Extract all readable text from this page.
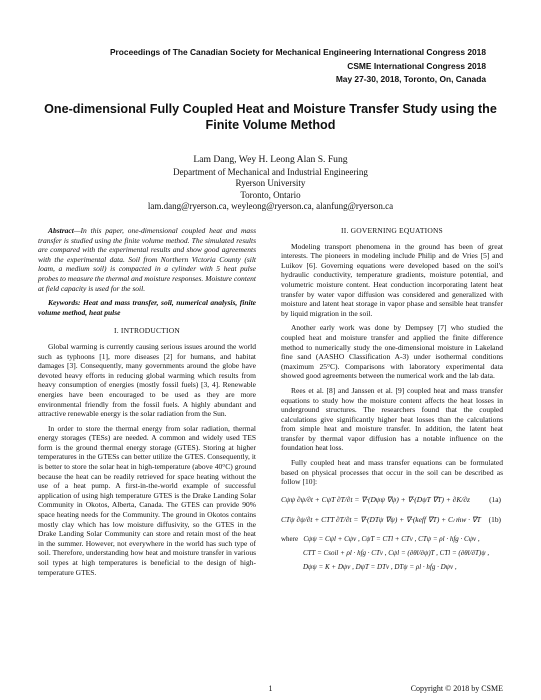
Proceedings of The Canadian Society for Mechanical Engineering International Congress 2018
CSME International Congress 2018
May 27-30, 2018, Toronto, On, Canada
One-dimensional Fully Coupled Heat and Moisture Transfer Study using the Finite Volume Method
Lam Dang, Wey H. Leong Alan S. Fung
Department of Mechanical and Industrial Engineering
Ryerson University
Toronto, Ontario
lam.dang@ryerson.ca, weyleong@ryerson.ca, alanfung@ryerson.ca

Abstract—In this paper, one-dimensional coupled heat and mass transfer is studied using the finite volume method. The simulated results are compared with the experimental results and show good agreements with the experimental data. Soil from Northern Victoria County (silt loam, a medium soil) is compacted in a cylinder with 5 heat pulse probes to measure the thermal and moisture responses. Moisture content at field capacity is used for the soil.

Keywords: Heat and mass transfer, soil, numerical analysis, finite volume method, heat pulse

I. INTRODUCTION

Global warming is currently causing serious issues around the world such as typhoons [1], more diseases [2] for humans, and habitat damages [3]. Consequently, many governments around the globe have devoted heavy efforts in reducing global warming which results from heavy consumption of energies (mostly fossil fuels) [3, 4]. Renewable energies have been encouraged to be used as they are more environmental friendly from the fossil fuels. A highly abundant and attractive renewable energy is the solar radiation from the Sun.

In order to store the thermal energy from solar radiation, thermal energy storages (TESs) are needed. A common and widely used TES form is the ground thermal energy storage (GTES). Storing at higher temperatures in the GTESs can better utilize the GTES. Consequently, it is better to store the solar heat in high-temperature (above 40°C) ground because the heat can be readily retrieved for space heating without the use of a heat pump. A first-in-the-world example of successful application of using high temperature GTES is the Drake Landing Solar Community in Okotos, Alberta, Canada. The GTES can provide 90% space heating needs for the Community. The ground in Okotos contains mostly clay which has low moisture diffusivity, so the GTES in the Drake Landing Solar Community can store and retain most of the heat in the summer. However, not everywhere in the world has such type of soil. Therefore, understanding how heat and moisture transfer in various soil types at high temperatures is beneficial to the design of high-temperature GTES.

II. GOVERNING EQUATIONS

Modeling transport phenomena in the ground has been of great interests. The pioneers in modeling include Philip and de Vries [5] and Luikov [6]. Governing equations were developed based on the soil's hydraulic conductivity, temperature gradients, moisture potential, and volumetric moisture content. Heat conduction incorporating latent heat transfer by water vapor diffusion was considered and generalized with moisture and latent heat storage in vapor phase and sensible heat transfer by liquid migration in the soil.

Another early work was done by Dempsey [7] who studied the coupled heat and moisture transfer and applied the finite difference method to numerically study the one-dimensional moisture in Lakeland fine sand (AASHO Classification A-3) under isothermal conditions (maximum 25°C). Comparisons with laboratory experimental data showed good agreements between the numerical work and the lab data.

Rees et al. [8] and Janssen et al. [9] coupled heat and mass transfer equations to study how the moisture content affects the heat losses in underground structures. The researchers found that the coupled calculations give significantly higher heat losses than the calculations from simple heat and moisture transfer. In addition, the latent heat transfer by thermal vapor diffusion has a notable influence on the foundation heat loss.

Fully coupled heat and mass transfer equations can be formulated based on physical processes that occur in the soil can be described as follow [10]:

Cψψ ∂ψ/∂t + CψT ∂T/∂t = ∇·(Dψψ ∇ψ) + ∇·(DψT ∇T) + ∂K/∂z	(1a)
CTψ ∂ψ/∂t + CTT ∂T/∂t = ∇·(DTψ ∇ψ) + ∇·(keff ∇T) + Cₗ ṁw · ∇T (1b)

where Cψψ = Cψl + Cψv , CψT = CTl + CTv , CTψ = ρl · hfg · Cψv ,

CTT = Csoil + ρl · hfg · CTv , Cψl = (∂θl/∂ψ)T , CTl = (∂θl/∂T)ψ ,

Dψψ = K + Dψv , DψT = DTv , DTψ = ρl · hfg · Dψv ,

1	Copyright © 2018 by CSME
